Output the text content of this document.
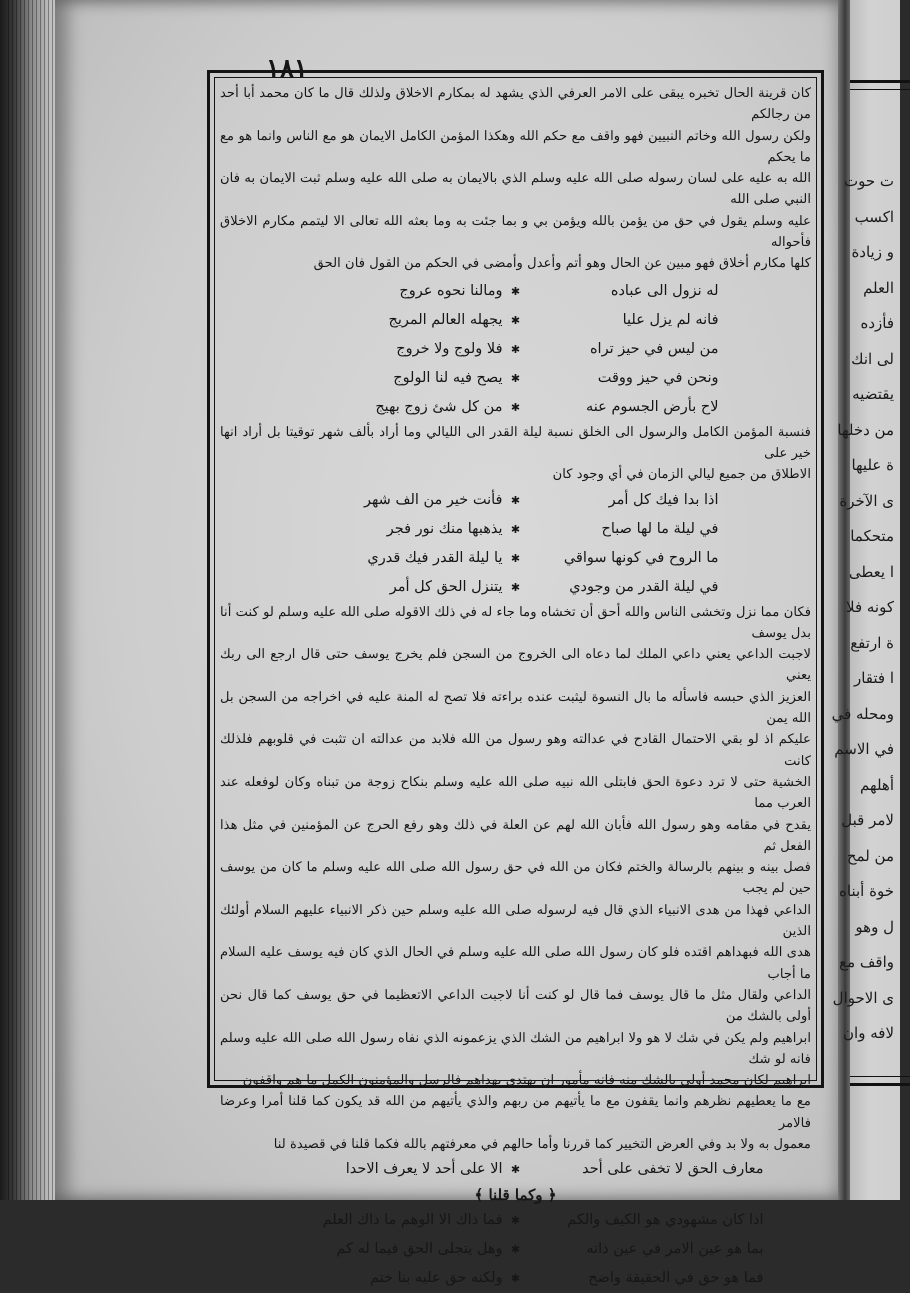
ت حوت
اكسب
و زيادة
العلم
فأزده
لى انك
يقتضيه
من دخلها
ة عليها
ى الآخرة
متحكما
ا يعطى
كونه فلا
ة ارتفع
ا فتقار
ومحله في
في الاسم
أهلهم
لامر قبل
من لمح
خوة أبناه
ل وهو
واقف مع
ى الاحوال
لافه وان
١٨١

كان قرينة الحال تخبره يبقى على الامر العرفي الذي يشهد له بمكارم الاخلاق ولذلك قال ما كان محمد أبا أحد من رجالكم

ولكن رسول الله وخاتم النبيين فهو واقف مع حكم الله وهكذا المؤمن الكامل الايمان هو مع الناس وانما هو مع ما يحكم

الله به عليه على لسان رسوله صلى الله عليه وسلم الذي بالايمان به صلى الله عليه وسلم ثبت الايمان به فان النبي صلى الله

عليه وسلم يقول في حق من يؤمن بالله ويؤمن بي و بما جئت به وما بعثه الله تعالى الا ليتمم مكارم الاخلاق فأحواله

كلها مكارم أخلاق فهو مبين عن الحال وهو أتم وأعدل وأمضى في الحكم من القول فان الحق

له نزول الى عباده
✱
ومالنا نحوه عروج
فانه لم يزل عليا
✱
يجهله العالم المريج
من ليس في حيز تراه
✱
فلا ولوج ولا خروج
ونحن في حيز ووقت
✱
يصح فيه لنا الولوج
لاح بأرض الجسوم عنه
✱
من كل شئ زوج بهيج

فنسبة المؤمن الكامل والرسول الى الخلق نسبة ليلة القدر الى الليالي وما أراد بألف شهر توقيتا بل أراد انها خير على

الاطلاق من جميع ليالي الزمان في أي وجود كان

اذا بدا فيك كل أمر
✱
فأنت خير من الف شهر
في ليلة ما لها صباح
✱
يذهبها منك نور فجر
ما الروح في كونها سواقي
✱
يا ليلة القدر فيك قدري
في ليلة القدر من وجودي
✱
يتنزل الحق كل أمر

فكان مما نزل وتخشى الناس والله أحق أن تخشاه وما جاء له في ذلك الاقوله صلى الله عليه وسلم لو كنت أنا بدل يوسف

لاجبت الداعي يعني داعي الملك لما دعاه الى الخروج من السجن فلم يخرج يوسف حتى قال ارجع الى ربك يعني

العزيز الذي حبسه فاسأله ما بال النسوة ليثبت عنده براءته فلا تصح له المنة عليه في اخراجه من السجن بل الله يمن

عليكم اذ لو بقي الاحتمال القادح في عدالته وهو رسول من الله فلابد من عدالته ان تثبت في قلوبهم فلذلك كانت

الخشية حتى لا ترد دعوة الحق فابتلى الله نبيه صلى الله عليه وسلم بنكاح زوجة من تبناه وكان لوفعله عند العرب مما

يقدح في مقامه وهو رسول الله فأبان الله لهم عن العلة في ذلك وهو رفع الحرج عن المؤمنين في مثل هذا الفعل ثم

فصل بينه و بينهم بالرسالة والختم فكان من الله في حق رسول الله صلى الله عليه وسلم ما كان من يوسف حين لم يجب

الداعي فهذا من هدى الانبياء الذي قال فيه لرسوله صلى الله عليه وسلم حين ذكر الانبياء عليهم السلام أولئك الذين

هدى الله فبهداهم اقتده فلو كان رسول الله صلى الله عليه وسلم في الحال الذي كان فيه يوسف عليه السلام ما أجاب

الداعي ولقال مثل ما قال يوسف فما قال لو كنت أنا لاجبت الداعي الاتعظيما في حق يوسف كما قال نحن أولى بالشك من

ابراهيم ولم يكن في شك لا هو ولا ابراهيم من الشك الذي يزعمونه الذي نفاه رسول الله صلى الله عليه وسلم فانه لو شك

ابراهيم لكان محمد أولى بالشك منه فانه مأمور ان يهتدي بهداهم فالرسل والمؤمنون الكمل ما هم واقفون

مع ما يعطيهم نظرهم وانما يقفون مع ما يأتيهم من ربهم والذي يأتيهم من الله قد يكون كما قلنا أمرا وعرضا فالامر

معمول به ولا بد وفي العرض التخيير كما قررنا وأما حالهم في معرفتهم بالله فكما قلنا في قصيدة لنا

معارف الحق لا تخفى على أحد
✱
الا على أحد لا يعرف الاحدا
﴿ وكما قلنا ﴾
اذا كان مشهودي هو الكيف والكم
✱
فما ذاك الا الوهم ما ذاك العلم
بما هو عين الامر في عين ذاته
✱
وهل يتجلى الحق فيما له كم
فما هو حق في الحقيقة واضح
✱
ولكنه حق عليه بنا ختم
